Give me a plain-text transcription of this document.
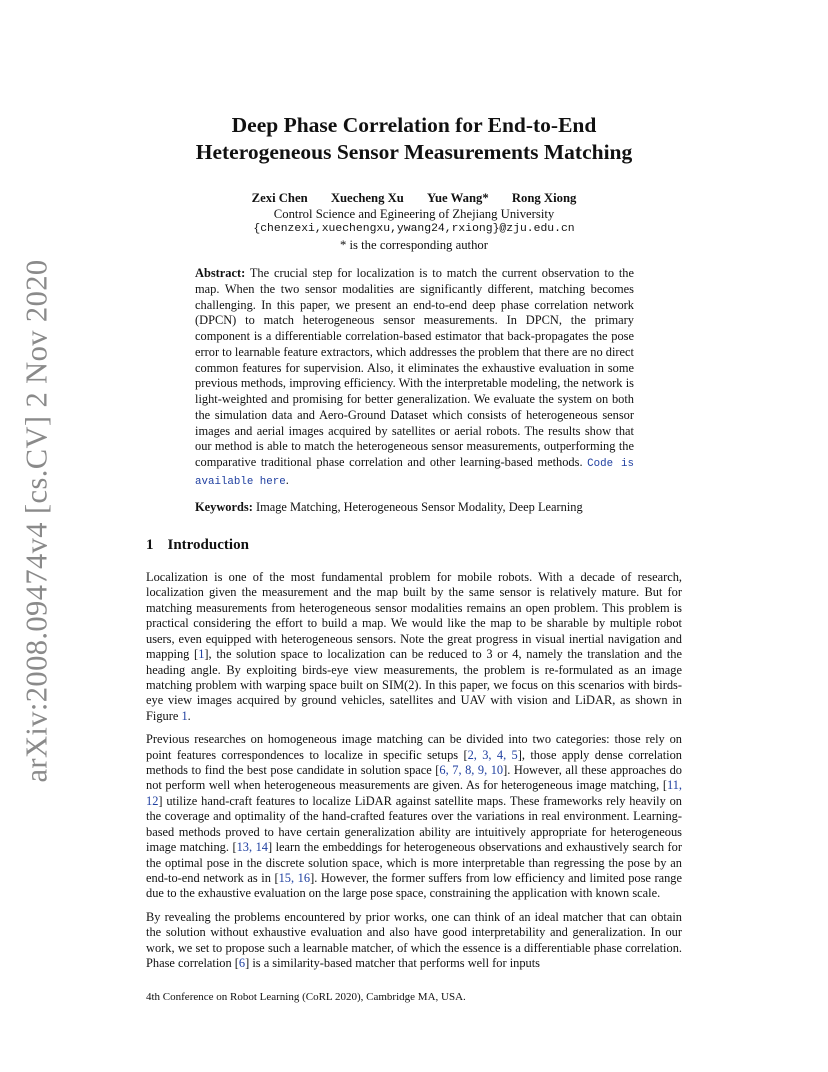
arXiv:2008.09474v4 [cs.CV] 2 Nov 2020
Deep Phase Correlation for End-to-End
Heterogeneous Sensor Measurements Matching
Zexi Chen Xuecheng Xu Yue Wang* Rong Xiong
Control Science and Egineering of Zhejiang University
{chenzexi,xuechengxu,ywang24,rxiong}@zju.edu.cn
* is the corresponding author
Abstract: The crucial step for localization is to match the current observation to the map. When the two sensor modalities are significantly different, matching becomes challenging. In this paper, we present an end-to-end deep phase correlation network (DPCN) to match heterogeneous sensor measurements. In DPCN, the primary component is a differentiable correlation-based estimator that back-propagates the pose error to learnable feature extractors, which addresses the problem that there are no direct common features for supervision. Also, it eliminates the exhaustive evaluation in some previous methods, improving efficiency. With the interpretable modeling, the network is light-weighted and promising for better generalization. We evaluate the system on both the simulation data and Aero-Ground Dataset which consists of heterogeneous sensor images and aerial images acquired by satellites or aerial robots. The results show that our method is able to match the heterogeneous sensor measurements, outperforming the comparative traditional phase correlation and other learning-based methods. Code is available here.
Keywords: Image Matching, Heterogeneous Sensor Modality, Deep Learning
1 Introduction

Localization is one of the most fundamental problem for mobile robots. With a decade of research, localization given the measurement and the map built by the same sensor is relatively mature. But for matching measurements from heterogeneous sensor modalities remains an open problem. This problem is practical considering the effort to build a map. We would like the map to be sharable by multiple robot users, even equipped with heterogeneous sensors. Note the great progress in visual inertial navigation and mapping [1], the solution space to localization can be reduced to 3 or 4, namely the translation and the heading angle. By exploiting birds-eye view measurements, the problem is re-formulated as an image matching problem with warping space built on SIM(2). In this paper, we focus on this scenarios with birds-eye view images acquired by ground vehicles, satellites and UAV with vision and LiDAR, as shown in Figure 1.

Previous researches on homogeneous image matching can be divided into two categories: those rely on point features correspondences to localize in specific setups [2, 3, 4, 5], those apply dense correlation methods to find the best pose candidate in solution space [6, 7, 8, 9, 10]. However, all these approaches do not perform well when heterogeneous measurements are given. As for heterogeneous image matching, [11, 12] utilize hand-craft features to localize LiDAR against satellite maps. These frameworks rely heavily on the coverage and optimality of the hand-crafted features over the variations in real environment. Learning-based methods proved to have certain generalization ability are intuitively appropriate for heterogeneous image matching. [13, 14] learn the embeddings for heterogeneous observations and exhaustively search for the optimal pose in the discrete solution space, which is more interpretable than regressing the pose by an end-to-end network as in [15, 16]. However, the former suffers from low efficiency and limited pose range due to the exhaustive evaluation on the large pose space, constraining the application with known scale.

By revealing the problems encountered by prior works, one can think of an ideal matcher that can obtain the solution without exhaustive evaluation and also have good interpretability and generalization. In our work, we set to propose such a learnable matcher, of which the essence is a differentiable phase correlation. Phase correlation [6] is a similarity-based matcher that performs well for inputs

4th Conference on Robot Learning (CoRL 2020), Cambridge MA, USA.
